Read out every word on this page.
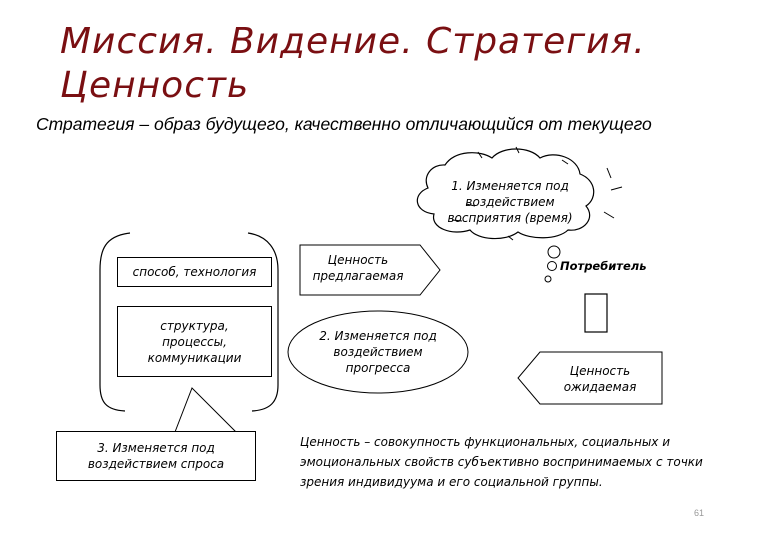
Миссия. Видение. Стратегия. Ценность
Стратегия – образ будущего, качественно отличающийся от текущего
способ, технология
структура, процессы, коммуникации
3. Изменяется под воздействием спроса
Ценность предлагаемая
2. Изменяется под воздействием прогресса
1. Изменяется под воздействием восприятия (время)
Потребитель
Ценность ожидаемая
Ценность – совокупность функциональных, социальных и эмоциональных свойств субъективно воспринимаемых с точки зрения индивидуума и его социальной группы.
61
